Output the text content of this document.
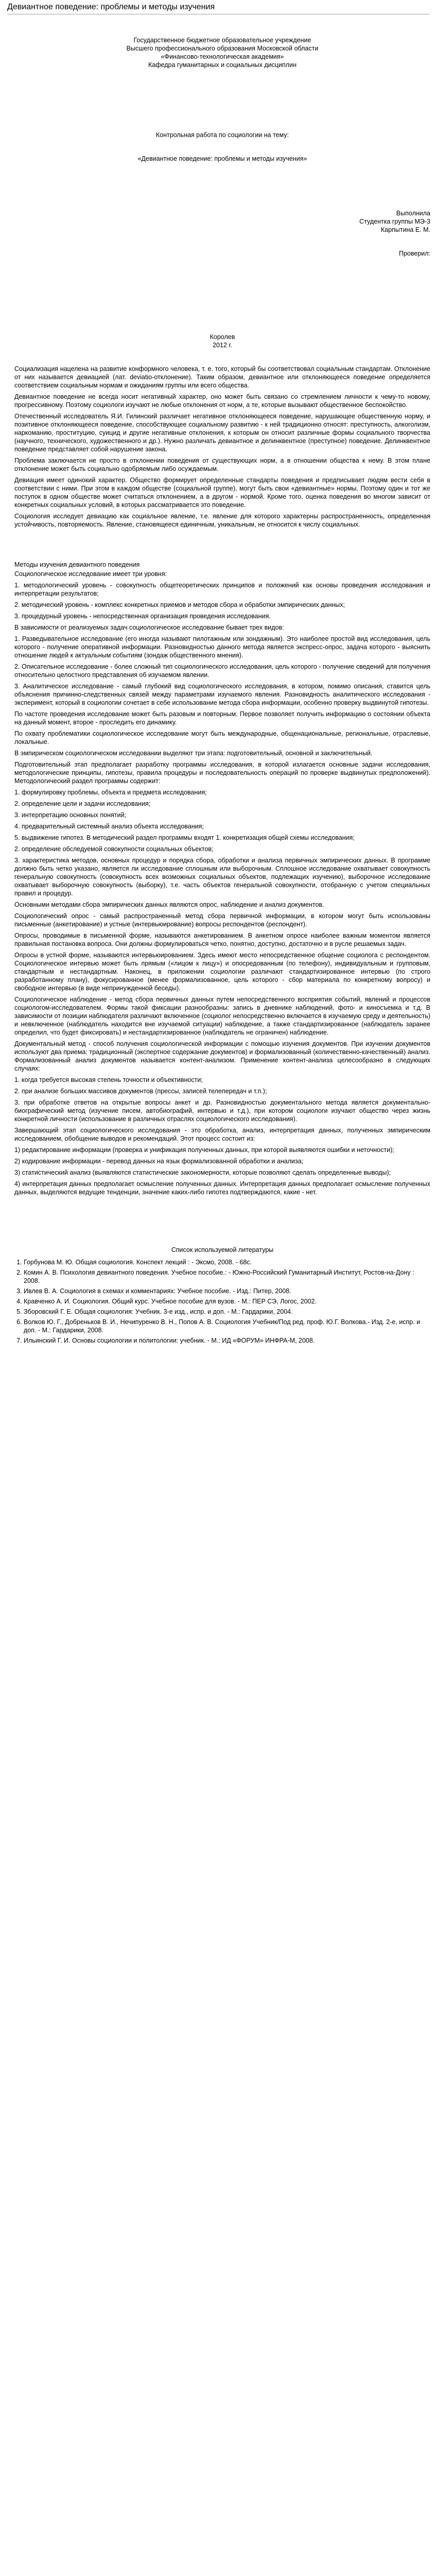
Девиантное поведение: проблемы и методы изучения

Государственное бюджетное образовательное учреждение

Высшего профессионального образования Московской области

«Финансово-технологическая академия»

Кафедра гуманитарных и социальных дисциплин

Контрольная работа по социологии на тему:

«Девиантное поведение: проблемы и методы изучения»

Выполнила

Студентка группы МЭ-3

Карпытина Е. М.

Проверил:

Королев

2012 г.

Социализация нацелена на развитие конформного человека, т. е. того, который бы соответствовал социальным стандартам. Отклонение от них называется девиацией (лат. deviatio-отклонение). Таким образом, девиантное или отклоняющееся поведение определяется соответствием социальным нормам и ожиданиям группы или всего общества.

Девиантное поведение не всегда носит негативный характер, оно может быть связано со стремлением личности к чему-то новому, прогрессивному. Поэтому социологи изучают не любые отклонения от норм, а те, которые вызывают общественное беспокойство.

Отечественный исследователь Я.И. Гилинский различает негативное отклоняющееся поведение, нарушающее общественную норму, и позитивное отклоняющееся поведение, способствующее социальному развитию - к ней традиционно относят: преступность, алкоголизм, наркоманию, проституцию, суицид и другие негативные отклонения, к которым он относит различные формы социального творчества (научного, технического, художественного и др.). Нужно различать девиантное и делинквентное (преступное) поведение. Делинквентное поведение представляет собой нарушение закона.

Проблема заключается не просто в отклонении поведения от существующих норм, а в отношении общества к нему. В этом плане отклонение может быть социально одобряемым либо осуждаемым.

Девиация имеет одинокий характер. Общество формирует определенные стандарты поведения и предписывает людям вести себя в соответствии с ними. При этом в каждом обществе (социальной группе), могут быть свои «девиантные» нормы. Поэтому один и тот же поступок в одном обществе может считаться отклонением, а в другом - нормой. Кроме того, оценка поведения во многом зависит от конкретных социальных условий, в которых рассматривается это поведение.

Социология исследует девиацию как социальное явление, т.е. явление для которого характерны распространенность, определенная устойчивость, повторяемость. Явление, становящееся единичным, уникальным, не относится к числу социальных.

Методы изучения девиантного поведения

Социологическое исследование имеет три уровня:

1. методологический уровень - совокупность общетеоретических принципов и положений как основы проведения исследования и интерпретации результатов;

2. методический уровень - комплекс конкретных приемов и методов сбора и обработки эмпирических данных;

3. процедурный уровень - непосредственная организация проведения исследования.

В зависимости от реализуемых задач социологическое исследование бывает трех видов:

1. Разведывательное исследование (его иногда называют пилотажным или зондажным). Это наиболее простой вид исследования, цель которого - получение оперативной информации. Разновидностью данного метода является экспресс-опрос, задача которого - выяснить отношение людей к актуальным событиям (зондаж общественного мнения).

2. Описательное исследование - более сложный тип социологического исследования, цель которого - получение сведений для получения относительно целостного представления об изучаемом явлении.

3. Аналитическое исследование - самый глубокий вид социологического исследования, в котором, помимо описания, ставится цель объяснения причинно-следственных связей между параметрами изучаемого явления. Разновидность аналитического исследования - эксперимент, который в социологии сочетает в себе использование метода сбора информации, особенно проверку выдвинутой гипотезы.

По частоте проведения исследование может быть разовым и повторным. Первое позволяет получить информацию о состоянии объекта на данный момент, второе - проследить его динамику.

По охвату проблематики социологическое исследование могут быть международные, общенациональные, региональные, отраслевые, локальные.

В эмпирическом социологическом исследовании выделяют три этапа: подготовительный, основной и заключительный.

Подготовительный этап предполагает разработку программы исследования, в которой излагается основные задачи исследования, методологические принципы, гипотезы, правила процедуры и последовательность операций по проверке выдвинутых предположений). Методологический раздел программы содержит:

1. формулировку проблемы, объекта и предмета исследования;

2. определение цели и задачи исследования;

3. интерпретацию основных понятий;

4. предварительный системный анализ объекта исследования;

5. выдвижение гипотез. В методический раздел программы входят 1. конкретизация общей схемы исследования;

2. определение обследуемой совокупности социальных объектов;

3. характеристика методов, основных процедур и порядка сбора, обработки и анализа первичных эмпирических данных. В программе должно быть четко указано, является ли исследование сплошным или выборочным. Сплошное исследование охватывает совокупность генеральную совокупность (совокупность всех возможных социальных объектов, подлежащих изучению), выборочное исследование охватывает выборочную совокупность (выборку), т.е. часть объектов генеральной совокупности, отобранную с учетом специальных правил и процедур.

Основными методами сбора эмпирических данных являются опрос, наблюдение и анализ документов.

Социологический опрос - самый распространенный метод сбора первичной информации, в котором могут быть использованы письменные (анкетирование) и устные (интервьюирование) вопросы респондентов (респондент).

Опросы, проводимые в письменной форме, называются анкетированием. В анкетном опросе наиболее важным моментом является правильная постановка вопроса. Они должны формулироваться четко, понятно, доступно, достаточно и в русле решаемых задач.

Опросы в устной форме, называются интервьюированием. Здесь имеют место непосредственное общение социолога с респондентом. Социологическое интервью может быть прямым («лицом к лицу») и опосредованным (по телефону), индивидуальным и групповым, стандартным и нестандартным. Наконец, в приложении социологии различают стандартизированное интервью (по строго разработанному плану), фокусированное (менее формализованное, цель которого - сбор материала по конкретному вопросу) и свободное интервью (в виде непринужденной беседы).

Социологическое наблюдение - метод сбора первичных данных путем непосредственного восприятия событий, явлений и процессов социологом-исследователем. Формы такой фиксации разнообразны: запись в дневнике наблюдений, фото- и киносъемка и т.д. В зависимости от позиции наблюдателя различают включенное (социолог непосредственно включается в изучаемую среду и деятельность) и невключенное (наблюдатель находится вне изучаемой ситуации) наблюдение, а также стандартизированное (наблюдатель заранее определил, что будет фиксировать) и нестандартизированное (наблюдатель не ограничен) наблюдение.

Документальный метод - способ получения социологической информации с помощью изучения документов. При изучении документов используют два приема: традиционный (экспертное содержание документов) и формализованный (количественно-качественный) анализ. Формализованный анализ документов называется контент-анализом. Применение контент-анализа целесообразно в следующих случаях:

1. когда требуется высокая степень точности и объективности;

2. при анализе больших массивов документов (прессы, записей телепередач и т.п.);

3. при обработке ответов на открытые вопросы анкет и др. Разновидностью документального метода является документально-биографический метод (изучение писем, автобиографий, интервью и т.д.), при котором социологи изучают общество через жизнь конкретной личности (использование в различных отраслях социологического исследования).

Завершающий этап социологического исследования - это обработка, анализ, интерпретация данных, полученных эмпирическим исследованием, обобщение выводов и рекомендаций. Этот процесс состоит из:

1) редактирование информации (проверка и унификация полученных данных, при которой выявляются ошибки и неточности);

2) кодирование информации - перевод данных на язык формализованной обработки и анализа;

3) статистический анализ (выявляются статистические закономерности, которые позволяют сделать определенные выводы);

4) интерпретация данных предполагает осмысление полученных данных. Интерпретация данных предполагает осмысление полученных данных, выделяются ведущие тенденции, значение каких-либо гипотез подтверждаются, какие - нет.

Список используемой литературы

1. Горбунова М. Ю. Общая социология. Конспект лекций : - Эксмо, 2008. - 68с.
2. Комин А. В. Психология девиантного поведения. Учебное пособие.: - Южно-Российский Гуманитарный Институт, Ростов-на-Дону : 2008.
3. Ивлев В. А. Социология в схемах и комментариях: Учебное пособие. - Изд.: Питер, 2008.
4. Кравченко А. И. Социология. Общий курс. Учебное пособие для вузов. - М.: ПЕР СЭ, Логос, 2002.
5. Зборовский Г. Е. Общая социология: Учебник. 3-е изд., испр. и доп. - М.: Гардарики, 2004.
6. Волков Ю. Г., Добреньков В. И., Нечипуренко В. Н., Попов А. В. Социология Учебник/Под ред. проф. Ю.Г. Волкова.- Изд. 2-е, испр. и доп. - М.: Гардарики, 2008.
7. Ильинский Г. И. Основы социологии и политологии: учебник. - М.: ИД «ФОРУМ» ИНФРА-М, 2008.
